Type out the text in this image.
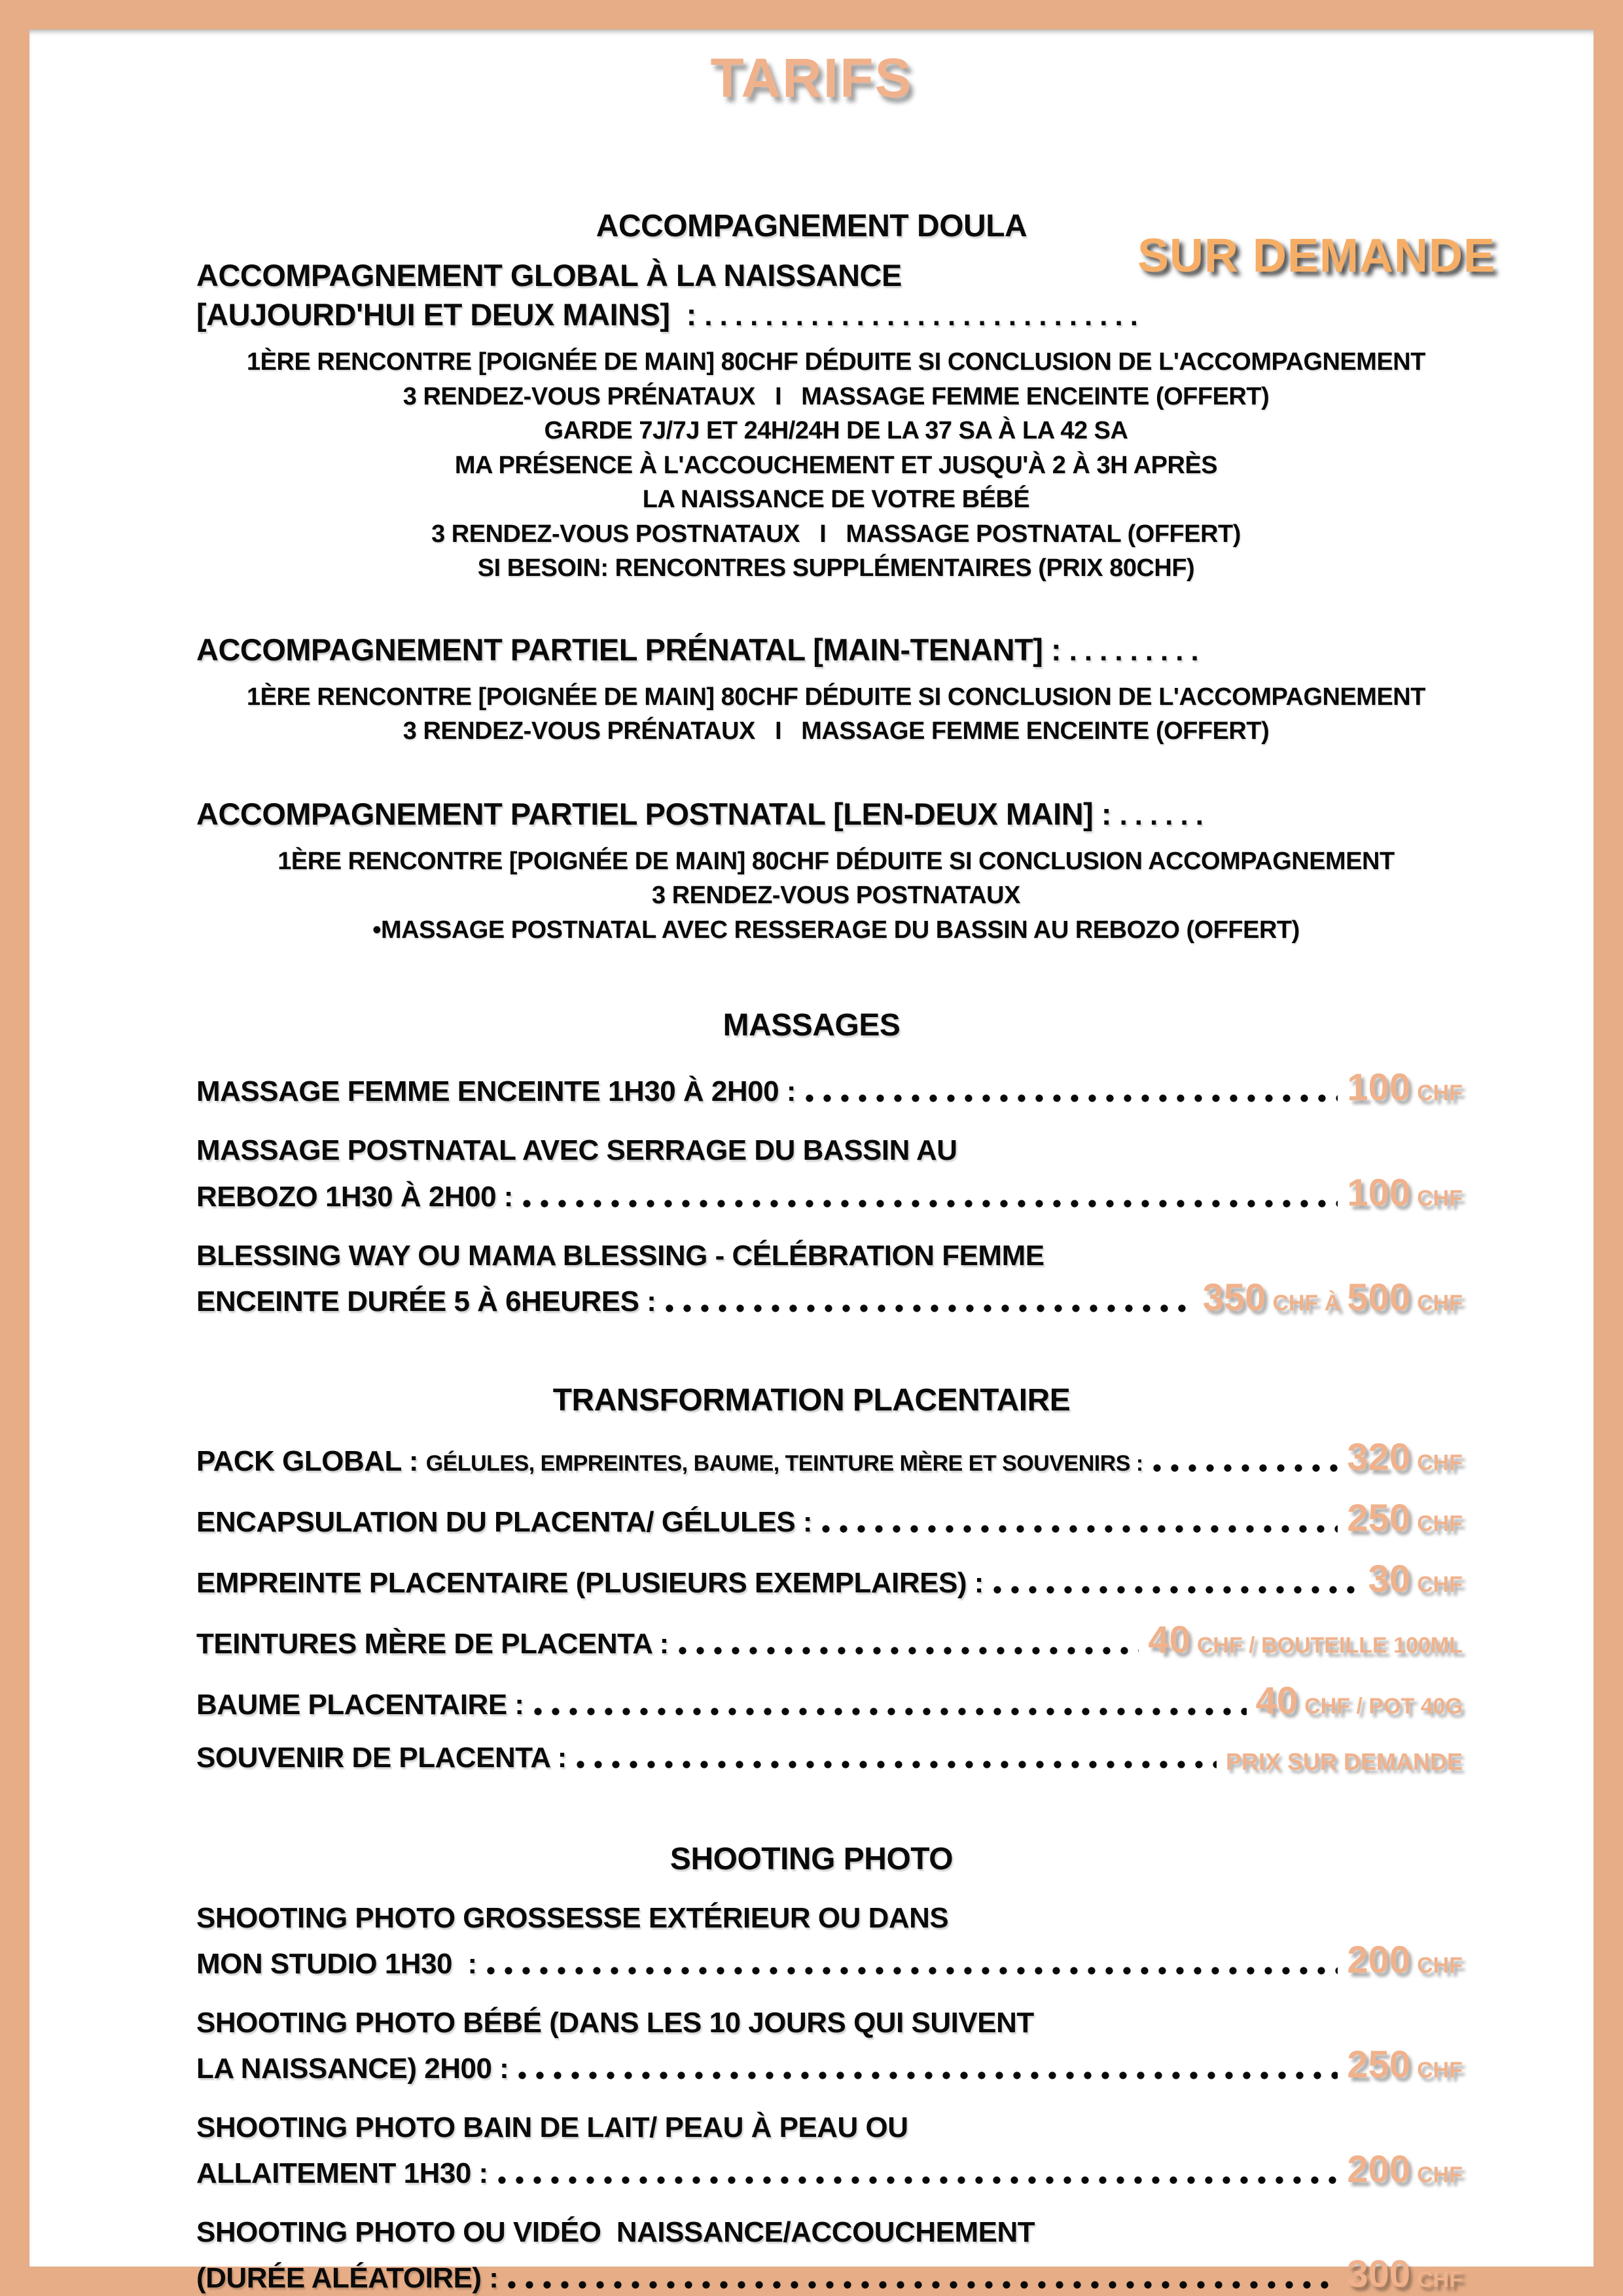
TARIFS
ACCOMPAGNEMENT DOULA
SUR DEMANDE
ACCOMPAGNEMENT GLOBAL À LA NAISSANCE
[AUJOURD'HUI ET DEUX MAINS]  : .............................
1ÈRE RENCONTRE [POIGNÉE DE MAIN] 80CHF DÉDUITE SI CONCLUSION DE L'ACCOMPAGNEMENT
3 RENDEZ-VOUS PRÉNATAUX   I   MASSAGE FEMME ENCEINTE (OFFERT)
GARDE 7J/7J ET 24H/24H DE LA 37 SA À LA 42 SA
MA PRÉSENCE À L'ACCOUCHEMENT ET JUSQU'À 2 À 3H APRÈS
LA NAISSANCE DE VOTRE BÉBÉ
3 RENDEZ-VOUS POSTNATAUX   I   MASSAGE POSTNATAL (OFFERT)
SI BESOIN: RENCONTRES SUPPLÉMENTAIRES (PRIX 80CHF)
ACCOMPAGNEMENT PARTIEL PRÉNATAL [MAIN-TENANT] : .........
1ÈRE RENCONTRE [POIGNÉE DE MAIN] 80CHF DÉDUITE SI CONCLUSION DE L'ACCOMPAGNEMENT
3 RENDEZ-VOUS PRÉNATAUX   I   MASSAGE FEMME ENCEINTE (OFFERT)
ACCOMPAGNEMENT PARTIEL POSTNATAL [LEN-DEUX MAIN] : ......
1ÈRE RENCONTRE [POIGNÉE DE MAIN] 80CHF DÉDUITE SI CONCLUSION ACCOMPAGNEMENT
3 RENDEZ-VOUS POSTNATAUX
•MASSAGE POSTNATAL AVEC RESSERAGE DU BASSIN AU REBOZO (OFFERT)
MASSAGES
MASSAGE FEMME ENCEINTE 1H30 À 2H00 :	100 CHF
MASSAGE POSTNATAL AVEC SERRAGE DU BASSIN AU
REBOZO 1H30 À 2H00 :	100 CHF
BLESSING WAY OU MAMA BLESSING - CÉLÉBRATION FEMME
ENCEINTE DURÉE 5 À 6HEURES :	350 CHF À 500 CHF
TRANSFORMATION PLACENTAIRE
PACK GLOBAL : GÉLULES, EMPREINTES, BAUME, TEINTURE MÈRE ET SOUVENIRS :	320 CHF
ENCAPSULATION DU PLACENTA/ GÉLULES :	250 CHF
EMPREINTE PLACENTAIRE (PLUSIEURS EXEMPLAIRES) :	30 CHF
TEINTURES MÈRE DE PLACENTA :	40 CHF / BOUTEILLE 100ML
BAUME PLACENTAIRE :	40 CHF / POT 40G
SOUVENIR DE PLACENTA :	PRIX SUR DEMANDE
SHOOTING PHOTO
SHOOTING PHOTO GROSSESSE EXTÉRIEUR OU DANS
MON STUDIO 1H30  :	200 CHF
SHOOTING PHOTO BÉBÉ (DANS LES 10 JOURS QUI SUIVENT
LA NAISSANCE) 2H00 :	250 CHF
SHOOTING PHOTO BAIN DE LAIT/ PEAU À PEAU OU
ALLAITEMENT 1H30 :	200 CHF
SHOOTING PHOTO OU VIDÉO  NAISSANCE/ACCOUCHEMENT
(DURÉE ALÉATOIRE) :	300 CHF
